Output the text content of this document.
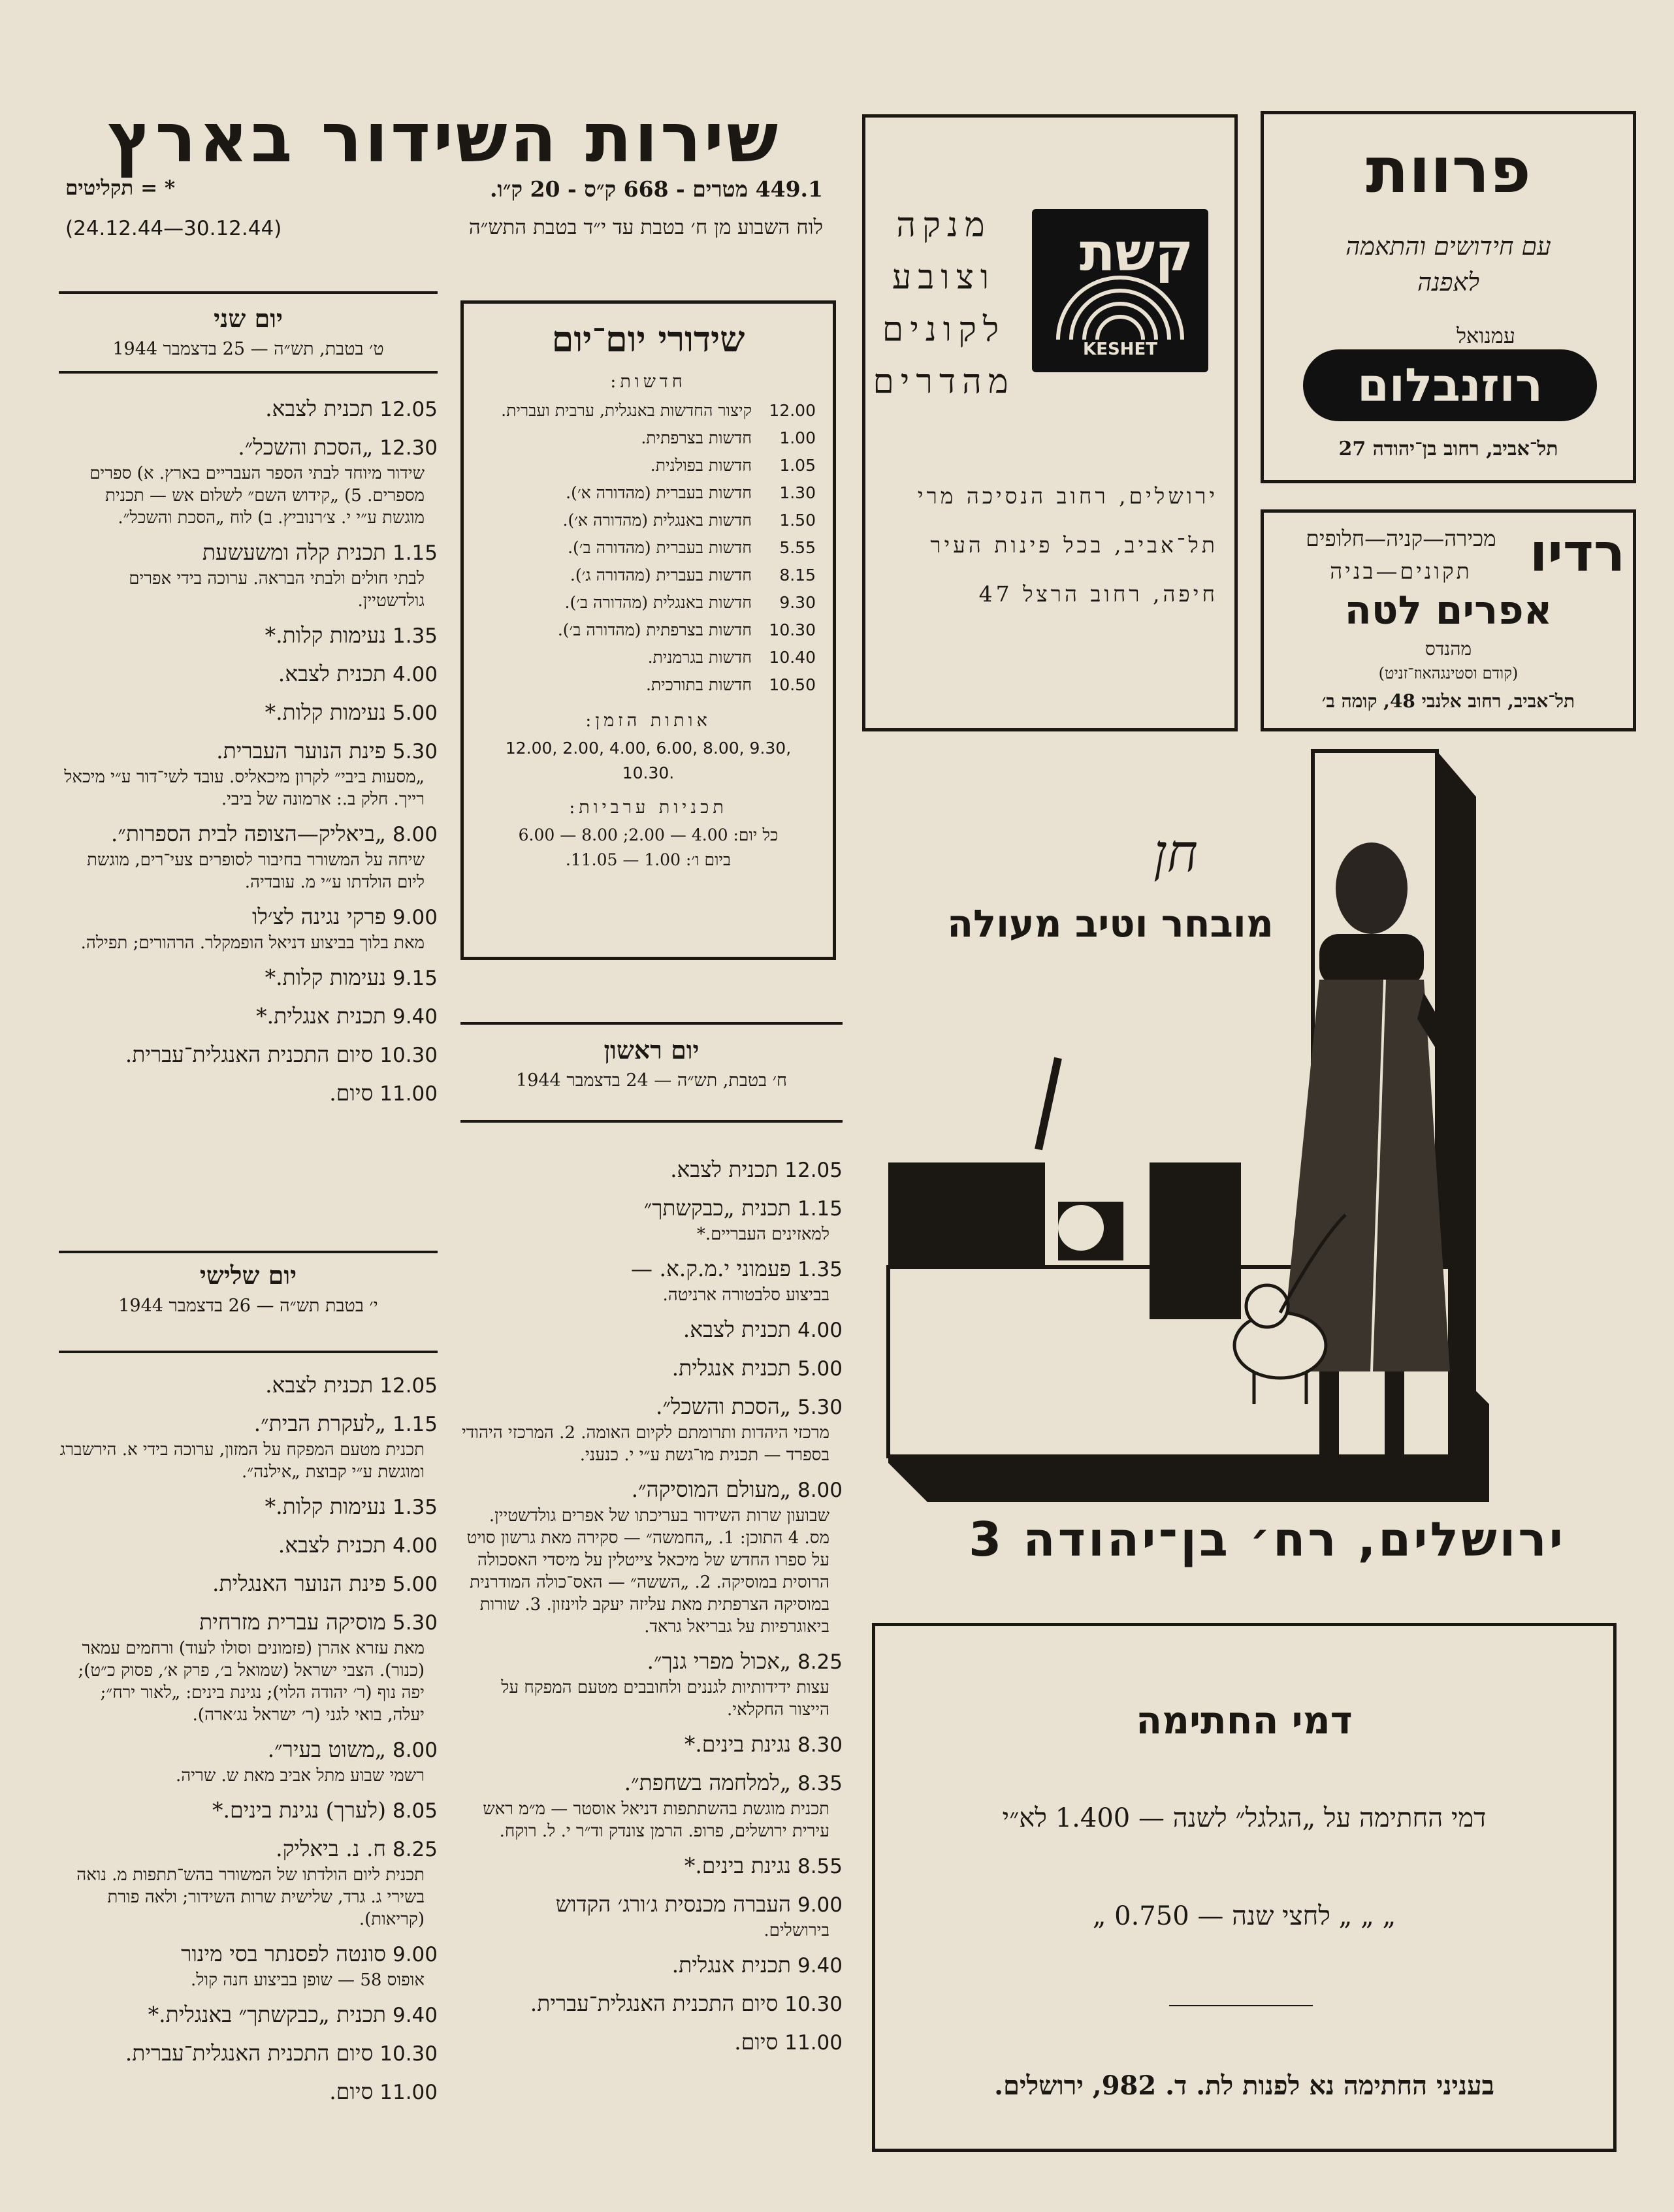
שירות השידור בארץ
449.1 מטרים - 668 ק״ס - 20 ק״ו.
* = תקליטים
לוח השבוע מן ח׳ בטבת עד י״ד בטבת התש״ה
(24.12.44—30.12.44)
שידורי יום־יום
חדשות:
12.00
קיצור החדשות באנגלית, ערבית ועברית.
1.00
חדשות בצרפתית.
1.05
חדשות בפולנית.
1.30
חדשות בעברית (מהדורה א׳).
1.50
חדשות באנגלית (מהדורה א׳).
5.55
חדשות בעברית (מהדורה ב׳).
8.15
חדשות בעברית (מהדורה ג׳).
9.30
חדשות באנגלית (מהדורה ב׳).
10.30
חדשות בצרפתית (מהדורה ב׳).
10.40
חדשות בגרמנית.
10.50
חדשות בתורכית.
אותות הזמן:
12.00, 2.00, 4.00, 6.00, 8.00, 9.30, 10.30.
תכניות ערביות:
כל יום: 4.00 — 2.00; 8.00 — 6.00
ביום ו׳: 1.00 — 11.05.
יום שני
ט׳ בטבת, תש״ה — 25 בדצמבר 1944
12.05תכנית לצבא.
12.30„הסכת והשכל״.
שידור מיוחד לבתי הספר העבריים בארץ. א) ספרים מספרים. 5) „קידוש השם״ לשלום אש — תכנית מוגשת ע״י י. צ׳רנוביץ. ב) לוח „הסכת והשכל״.
1.15תכנית קלה ומשעשעת
לבתי חולים ולבתי הבראה. ערוכה בידי אפרים גולדשטיין.
1.35נעימות קלות.*
4.00תכנית לצבא.
5.00נעימות קלות.*
5.30פינת הנוער העברית.
„מסעות ביבי״ לקרון מיכאליס. עובד לשי־דור ע״י מיכאל רייך. חלק ב.: ארמונה של ביבי.
8.00„ביאליק—הצופה לבית הספרות״.
שיחה על המשורר בחיבור לסופרים צעי־רים, מוגשת ליום הולדתו ע״י מ. עובדיה.
9.00פרקי נגינה לצ׳לו
מאת בלוך בביצוע דניאל הופמקלר. הרהורים; תפילה.
9.15נעימות קלות.*
9.40תכנית אנגלית.*
10.30סיום התכנית האנגלית־עברית.
11.00סיום.
יום שלישי
י׳ בטבת תש״ה — 26 בדצמבר 1944
12.05תכנית לצבא.
1.15„לעקרת הבית״.
תכנית מטעם המפקח על המזון, ערוכה בידי א. הירשברג ומוגשת ע״י קבוצת „אילנה״.
1.35נעימות קלות.*
4.00תכנית לצבא.
5.00פינת הנוער האנגלית.
5.30מוסיקה עברית מזרחית
מאת עזרא אהרן (פזמונים וסולו לעוד) ורחמים עמאר (כנור). הצבי ישראל (שמואל ב׳, פרק א׳, פסוק כ״ט); יפה נוף (ר׳ יהודה הלוי); נגינת בינים: „לאור ירח״; יעלה, בואי לגני (ר׳ ישראל נג׳ארה).
8.00„משוט בעיר״.
רשמי שבוע מתל אביב מאת ש. שריה.
8.05(לערך) נגינת בינים.*
8.25ח. נ. ביאליק.
תכנית ליום הולדתו של המשורר בהש־תתפות מ. נואה בשירי ג. גרד, שלישית שרות השידור; ולאה פורת (קריאות).
9.00סונטה לפסנתר בסי מינור
אופוס 58 — שופן בביצוע חנה קול.
9.40תכנית „כבקשתך״ באנגלית.*
10.30סיום התכנית האנגלית־עברית.
11.00סיום.
יום ראשון
ח׳ בטבת, תש״ה — 24 בדצמבר 1944
12.05תכנית לצבא.
1.15תכנית „כבקשתך״
למאזינים העבריים.*
1.35פעמוני י.מ.ק.א. —
בביצוע סלבטורה ארניטה.
4.00תכנית לצבא.
5.00תכנית אנגלית.
5.30„הסכת והשכל״.
מרכזי היהדות ותרומתם לקיום האומה. 2. המרכזי היהודי בספרד — תכנית מו־גשת ע״י י. כנעני.
8.00„מעולם המוסיקה״.
שבועון שרות השידור בעריכתו של אפרים גולדשטיין. מס. 4 התוכן: 1. „החמשה״ — סקירה מאת גרשון סויט על ספרו החדש של מיכאל צייטלין על מיסדי האסכולה הרוסית במוסיקה. 2. „הששה״ — האס־כולה המודרנית במוסיקה הצרפתית מאת עליזה יעקב לוינזון. 3. שורות ביאוגרפיות על גבריאל גראד.
8.25„אכול מפרי גנך״.
עצות ידידותיות לגננים ולחובבים מטעם המפקח על הייצור החקלאי.
8.30נגינת בינים.*
8.35„למלחמה בשחפת״.
תכנית מוגשת בהשתתפות דניאל אוסטר — מ״מ ראש עירית ירושלים, פרופ. הרמן צונדק וד״ר י. ל. רוקח.
8.55נגינת בינים.*
9.00העברה מכנסית ג׳ורג׳ הקדוש
בירושלים.
9.40תכנית אנגלית.
10.30סיום התכנית האנגלית־עברית.
11.00סיום.
קשת
KESHET
מנקה
וצובע
לקונים
מהדרים
ירושלים, רחוב הנסיכה מרי
תל־אביב, בכל פינות העיר
חיפה, רחוב הרצל 47
פרוות
עם חידושים והתאמה
לאפנה
עמנואל
רוזנבלום
תל־אביב, רחוב בן־יהודה 27
רדיו
מכירה—קניה—חלופים
תקונים—בניה
אפרים לטה
מהנדס
(קודם וסטינגהאוז־זניט)
תל־אביב, רחוב אלנבי 48, קומה ב׳
חן
מובחר וטיב מעולה
ירושלים, רח׳ בן־יהודה 3
דמי החתימה
דמי החתימה על „הגלגל״ לשנה — 1.400 לא״י
„ „ „ לחצי שנה — 0.750 „
בעניני החתימה נא לפנות לת. ד. 982, ירושלים.
